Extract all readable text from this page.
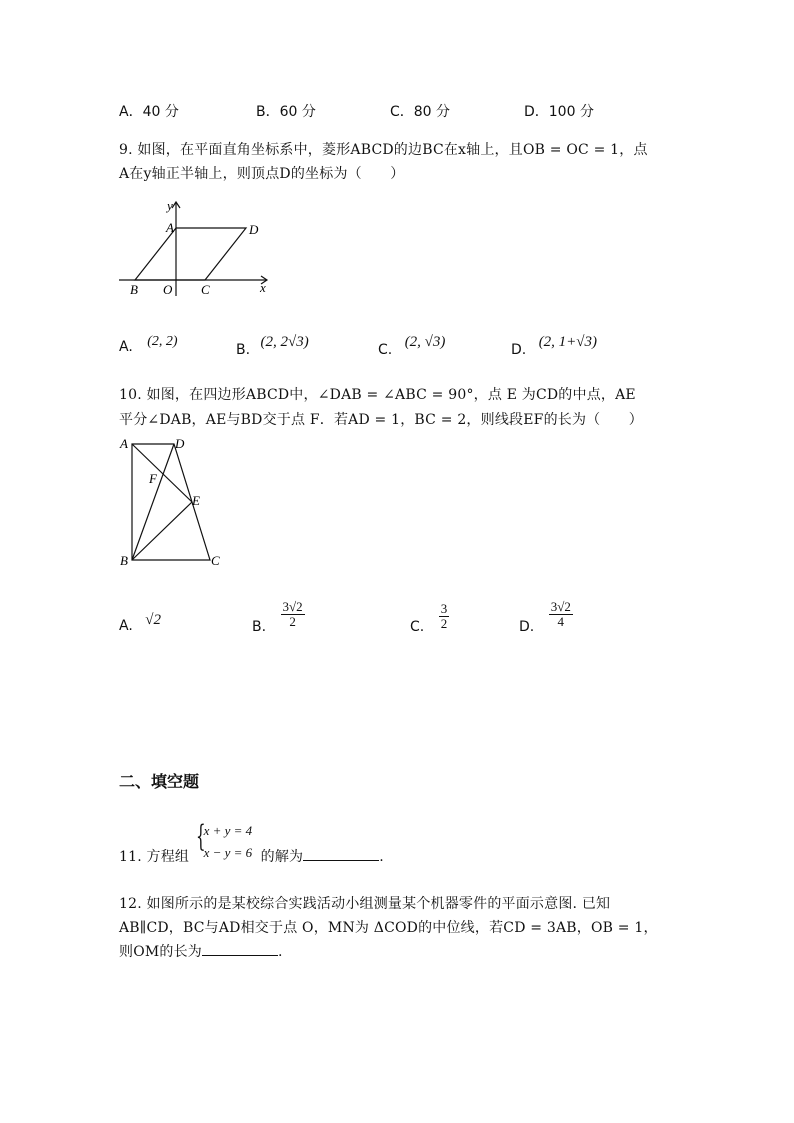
A．40 分	B．60 分	C．80 分	D．100 分
9. 如图，在平面直角坐标系中，菱形ABCD的边BC在x轴上，且OB = OC = 1，点
A在y轴正半轴上，则顶点D的坐标为（　　）
y
x
A	D
B O C
A. (2, 2)
B. (2, 2√3)	C. (2, √3)	D. (2, 1+√3)
10. 如图，在四边形ABCD中，∠DAB = ∠ABC = 90°，点 E 为CD的中点，AE
平分∠DAB，AE与BD交于点 F．若AD = 1，BC = 2，则线段EF的长为（　　）
A	D
F
E
B	C
A. √2	B. $\frac{3√2}{2}$	C. $\frac{3}{2}$	D. $\frac{3√2}{4}$
二、填空题
11. 方程组
{
x + y = 4
x − y = 6 的解为	.
12. 如图所示的是某校综合实践活动小组测量某个机器零件的平面示意图. 已知
AB∥CD，BC与AD相交于点 O，MN为 ΔCOD的中位线，若CD = 3AB，OB = 1，
则OM的长为	.
